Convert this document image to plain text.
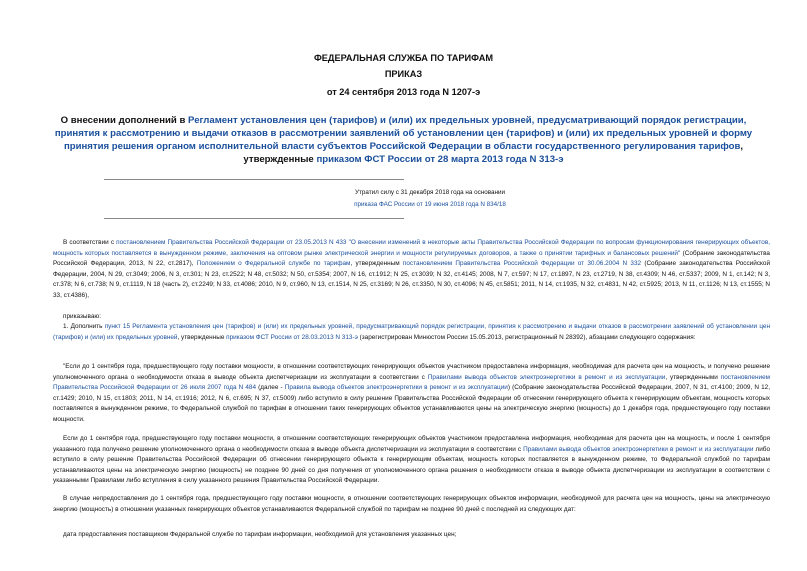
ФЕДЕРАЛЬНАЯ СЛУЖБА ПО ТАРИФАМ
ПРИКАЗ
от 24 сентября 2013 года N 1207-э
О внесении дополнений в Регламент установления цен (тарифов) и (или) их предельных уровней, предусматривающий порядок регистрации, принятия к рассмотрению и выдачи отказов в рассмотрении заявлений об установлении цен (тарифов) и (или) их предельных уровней и форму принятия решения органом исполнительной власти субъектов Российской Федерации в области государственного регулирования тарифов, утвержденные приказом ФСТ России от 28 марта 2013 года N 313-э
Утратил силу с 31 декабря 2018 года на основании
приказа ФАС России от 19 июня 2018 года N 834/18
В соответствии с постановлением Правительства Российской Федерации от 23.05.2013 N 433 "О внесении изменений в некоторые акты Правительства Российской Федерации по вопросам функционирования генерирующих объектов, мощность которых поставляется в вынужденном режиме, заключения на оптовом рынке электрической энергии и мощности регулируемых договоров, а также о принятии тарифных и балансовых решений" (Собрание законодательства Российской Федерации, 2013, N 22, ст.2817), Положением о Федеральной службе по тарифам, утвержденным постановлением Правительства Российской Федерации от 30.06.2004 N 332 (Собрание законодательства Российской Федерации, 2004, N 29, ст.3049; 2006, N 3, ст.301; N 23, ст.2522; N 48, ст.5032; N 50, ст.5354; 2007, N 16, ст.1912; N 25, ст.3039; N 32, ст.4145; 2008, N 7, ст.597; N 17, ст.1897, N 23, ст.2719, N 38, ст.4309; N 46, ст.5337; 2009, N 1, ст.142; N 3, ст.378; N 6, ст.738; N 9, ст.1119, N 18 (часть 2), ст.2249; N 33, ст.4086; 2010, N 9, ст.960, N 13, ст.1514, N 25, ст.3169; N 26, ст.3350, N 30, ст.4096; N 45, ст.5851; 2011, N 14, ст.1935, N 32, ст.4831, N 42, ст.5925; 2013, N 11, ст.1126; N 13, ст.1555; N 33, ст.4386),
приказываю:
1. Дополнить пункт 15 Регламента установления цен (тарифов) и (или) их предельных уровней, предусматривающий порядок регистрации, принятия к рассмотрению и выдачи отказов в рассмотрении заявлений об установлении цен (тарифов) и (или) их предельных уровней, утвержденные приказом ФСТ России от 28.03.2013 N 313-э (зарегистрирован Минюстом России 15.05.2013, регистрационный N 28392), абзацами следующего содержания:
"Если до 1 сентября года, предшествующего году поставки мощности, в отношении соответствующих генерирующих объектов участником предоставлена информация, необходимая для расчета цен на мощность, и получено решение уполномоченного органа о необходимости отказа в выводе объекта диспетчеризации из эксплуатации в соответствии с Правилами вывода объектов электроэнергетики в ремонт и из эксплуатации, утвержденными постановлением Правительства Российской Федерации от 26 июля 2007 года N 484 (далее - Правила вывода объектов электроэнергетики в ремонт и из эксплуатации) (Собрание законодательства Российской Федерации, 2007, N 31, ст.4100; 2009, N 12, ст.1429; 2010, N 15, ст.1803; 2011, N 14, ст.1916; 2012, N 6, ст.695; N 37, ст.5009) либо вступило в силу решение Правительства Российской Федерации об отнесении генерирующего объекта к генерирующим объектам, мощность которых поставляется в вынужденном режиме, то Федеральной службой по тарифам в отношении таких генерирующих объектов устанавливаются цены на электрическую энергию (мощность) до 1 декабря года, предшествующего году поставки мощности.
Если до 1 сентября года, предшествующего году поставки мощности, в отношении соответствующих генерирующих объектов участником предоставлена информация, необходимая для расчета цен на мощность, и после 1 сентября указанного года получено решение уполномоченного органа о необходимости отказа в выводе объекта диспетчеризации из эксплуатации в соответствии с Правилами вывода объектов электроэнергетики в ремонт и из эксплуатации либо вступило в силу решение Правительства Российской Федерации об отнесении генерирующего объекта к генерирующим объектам, мощность которых поставляется в вынужденном режиме, то Федеральной службой по тарифам устанавливаются цены на электрическую энергию (мощность) не позднее 90 дней со дня получения от уполномоченного органа решения о необходимости отказа в выводе объекта диспетчеризации из эксплуатации в соответствии с указанными Правилами либо вступления в силу указанного решения Правительства Российской Федерации.
В случае непредоставления до 1 сентября года, предшествующего году поставки мощности, в отношении соответствующих генерирующих объектов информации, необходимой для расчета цен на мощность, цены на электрическую энергию (мощность) в отношении указанных генерирующих объектов устанавливаются Федеральной службой по тарифам не позднее 90 дней с последней из следующих дат:
дата предоставления поставщиком Федеральной службе по тарифам информации, необходимой для установления указанных цен;
